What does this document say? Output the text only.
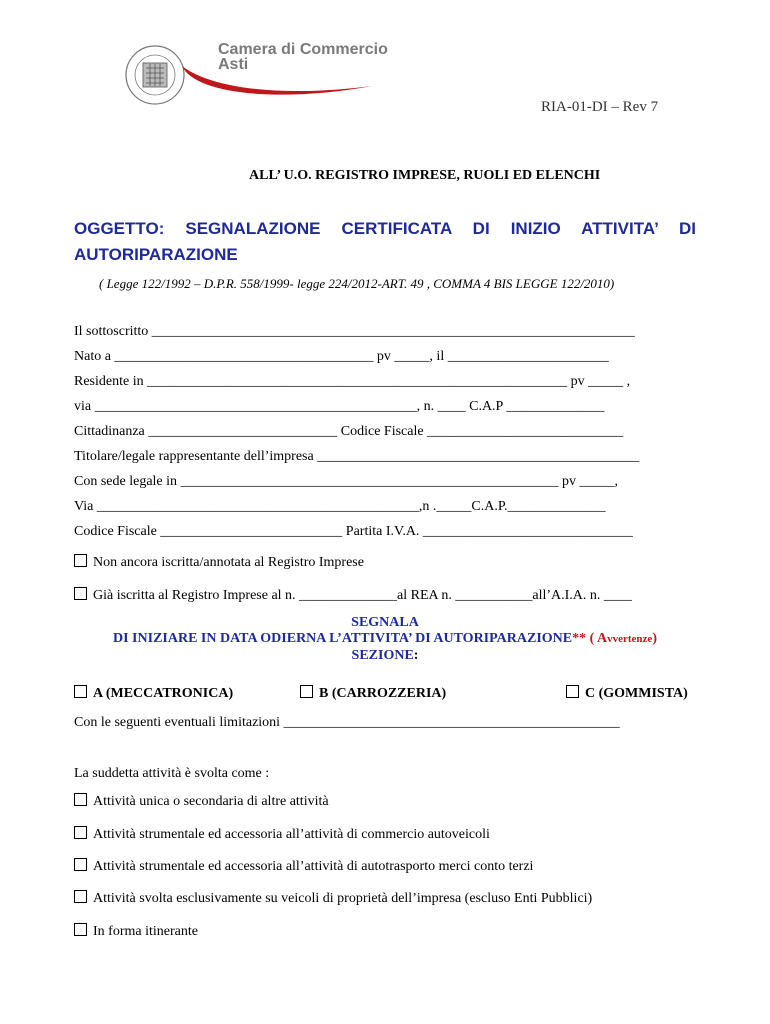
Camera di Commercio
Asti
RIA-01-DI – Rev 7
ALL’ U.O. REGISTRO IMPRESE, RUOLI ED ELENCHI
OGGETTO: SEGNALAZIONE CERTIFICATA DI INIZIO ATTIVITA’ DI
AUTORIPARAZIONE
( Legge 122/1992 – D.P.R. 558/1999- legge 224/2012-ART. 49 , COMMA 4 BIS LEGGE 122/2010)
Il sottoscritto _____________________________________________________________________
Nato a _____________________________________ pv _____, il _______________________
Residente in ____________________________________________________________ pv _____ ,
via ______________________________________________, n. ____ C.A.P ______________
Cittadinanza ___________________________ Codice Fiscale ____________________________
Titolare/legale rappresentante dell’impresa ______________________________________________
Con sede legale in ______________________________________________________ pv _____,
Via ______________________________________________,n ._____C.A.P.______________
Codice Fiscale __________________________ Partita I.V.A. ______________________________
Non ancora iscritta/annotata al Registro Imprese
Già iscritta al Registro Imprese al n. ______________al REA n. ___________all’A.I.A. n. ____
SEGNALA
DI INIZIARE IN DATA ODIERNA L’ATTIVITA’ DI AUTORIPARAZIONE** ( Avvertenze)
SEZIONE:
A (MECCATRONICA)	B (CARROZZERIA)	C (GOMMISTA)
Con le seguenti eventuali limitazioni ________________________________________________
La suddetta attività è svolta come :
Attività unica o secondaria di altre attività
Attività strumentale ed accessoria all’attività di commercio autoveicoli
Attività strumentale ed accessoria all’attività di autotrasporto merci conto terzi
Attività svolta esclusivamente su veicoli di proprietà dell’impresa (escluso Enti Pubblici)
In forma itinerante
